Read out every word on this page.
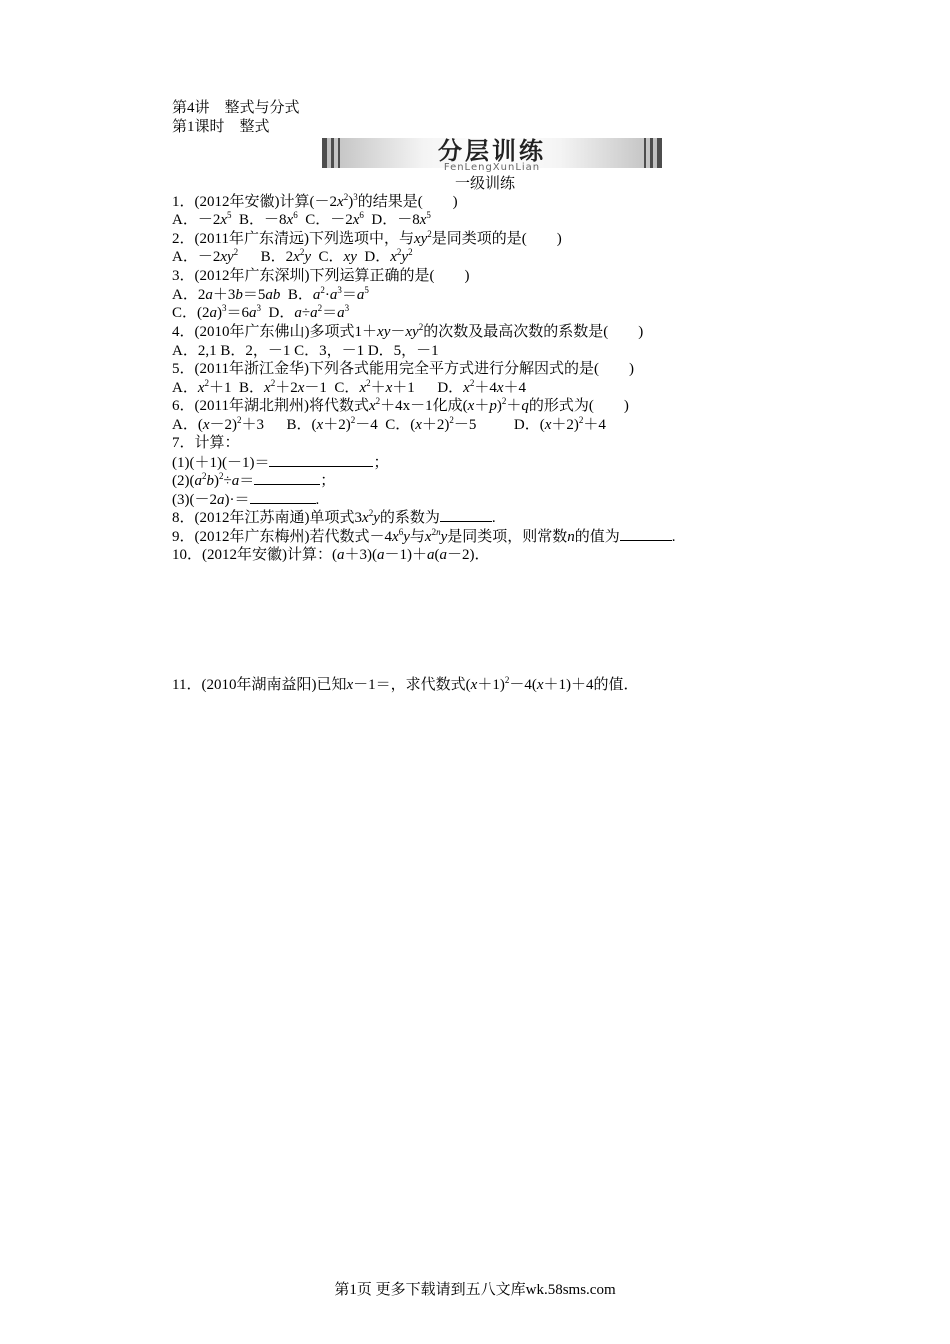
第4讲　整式与分式
第1课时　整式
分层训练
FenLengXunLian
一级训练
1．(2012年安徽)计算$(-2x^2)^3$的结果是(　　)
A．$-2x^5$ B．$-8x^6$ C．$-2x^6$ D．$-8x^5$
2．(2011年广东清远)下列选项中，与$xy^2$是同类项的是(　　)
A．$-2xy^2$ B．$2x^2y$ C．xy D．$x^2y^2$
3．(2012年广东深圳)下列运算正确的是(　　)
A．2a＋3b＝5ab B．$a^2\cdot a^3=a^5$
C．$(2a)^3=6a^3$ D．$a\div a^2=a^3$
4．(2010年广东佛山)多项式$1+xy-xy^2$的次数及最高次数的系数是(　　)
A．2,1 B．2，－1 C．3，－1 D．5，－1
5．(2011年浙江金华)下列各式能用完全平方式进行分解因式的是(　　)
A．$x^2+1$ B．$x^2+2x-1$ C．$x^2+x+1$ D．$x^2+4x+4$
6．(2011年湖北荆州)将代数式$x^2+4x-1$化成$(x+p)^2+q$的形式为(　　)
A．$(x-2)^2+3$ B．$(x+2)^2-4$ C．$(x+2)^2-5$	D．$(x+2)^2+4$
7．计算：
(1)(＋1)(－1)＝	；
$(2)(a^2b)^2\div a=$	；
(3)(－2a)·＝	.
8．(2012年江苏南通)单项式$3x^2y$的系数为	.
9．(2012年广东梅州)若代数式$-4x^6y$与$x^{2n}y$是同类项，则常数n的值为	.
10．(2012年安徽)计算：(a＋3)(a－1)＋a(a－2)．
11．(2010年湖南益阳)已知x－1＝，求代数式$(x+1)^2-4(x+1)+4$的值．
第1页 更多下载请到五八文库wk.58sms.com
